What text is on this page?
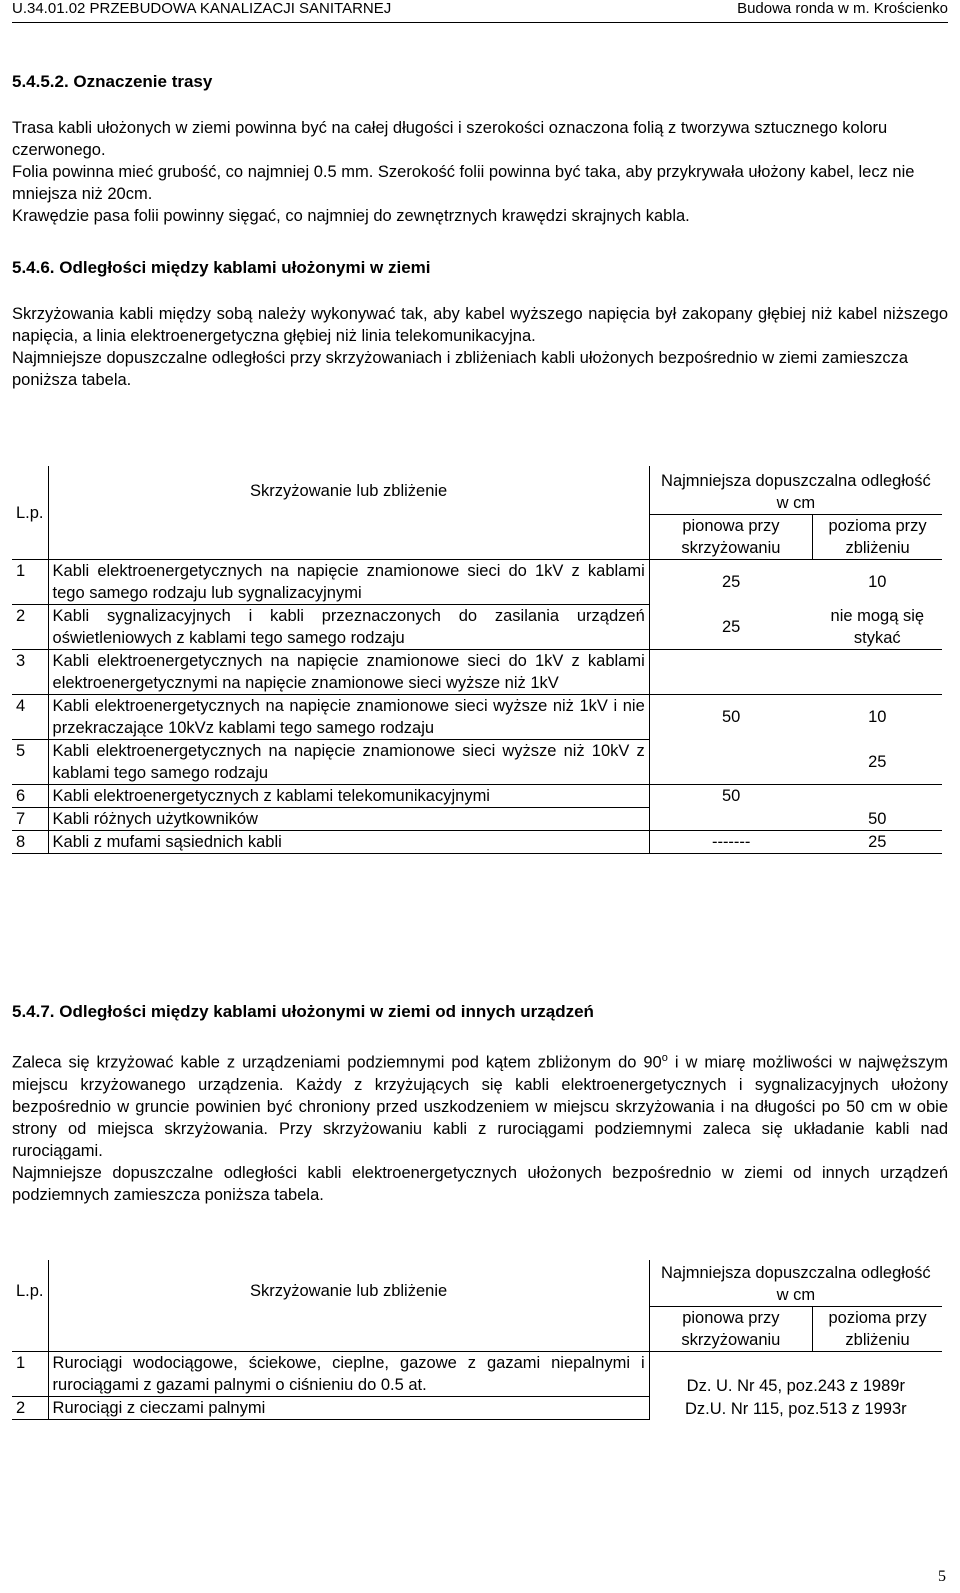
U.34.01.02 PRZEBUDOWA KANALIZACJI SANITARNEJ	Budowa ronda w m. Krościenko
5.4.5.2. Oznaczenie trasy

Trasa kabli ułożonych w ziemi powinna być na całej długości i szerokości oznaczona folią z tworzywa sztucznego koloru czerwonego.

Folia powinna mieć grubość, co najmniej 0.5 mm. Szerokość folii powinna być taka, aby przykrywała ułożony kabel, lecz nie mniejsza niż 20cm.

Krawędzie pasa folii powinny sięgać, co najmniej do zewnętrznych krawędzi skrajnych kabla.

5.4.6. Odległości między kablami ułożonymi w ziemi

Skrzyżowania kabli między sobą należy wykonywać tak, aby kabel wyższego napięcia był zakopany głębiej niż kabel niższego napięcia, a linia elektroenergetyczna głębiej niż linia telekomunikacyjna.

Najmniejsze dopuszczalne odległości przy skrzyżowaniach i zbliżeniach kabli ułożonych bezpośrednio w ziemi zamieszcza poniższa tabela.

L.p.	Skrzyżowanie lub zbliżenie	Najmniejsza dopuszczalna odległość w cm	
		pionowa przy skrzyżowaniu	pozioma przy zbliżeniu
1	Kabli elektroenergetycznych na napięcie znamionowe sieci do 1kV z kablami tego samego rodzaju lub sygnalizacyjnymi	25	10
2	Kabli sygnalizacyjnych i kabli przeznaczonych do zasilania urządzeń oświetleniowych z kablami tego samego rodzaju	25	nie mogą się stykać
3	Kabli elektroenergetycznych na napięcie znamionowe sieci do 1kV z kablami elektroenergetycznymi na napięcie znamionowe sieci wyższe niż 1kV		
4	Kabli elektroenergetycznych na napięcie znamionowe sieci wyższe niż 1kV i nie przekraczające 10kVz kablami tego samego rodzaju	50	10
5	Kabli elektroenergetycznych na napięcie znamionowe sieci wyższe niż 10kV z kablami tego samego rodzaju		25
6	Kabli elektroenergetycznych z kablami telekomunikacyjnymi	50	
7	Kabli różnych użytkowników		50
8	Kabli z mufami sąsiednich kabli	-------	25
5.4.7. Odległości między kablami ułożonymi w ziemi od innych urządzeń

Zaleca się krzyżować kable z urządzeniami podziemnymi pod kątem zbliżonym do 90$^o$ i w miarę możliwości w najwęższym miejscu krzyżowanego urządzenia. Każdy z krzyżujących się kabli elektroenergetycznych i sygnalizacyjnych ułożony bezpośrednio w gruncie powinien być chroniony przed uszkodzeniem w miejscu skrzyżowania i na długości po 50 cm w obie strony od miejsca skrzyżowania. Przy skrzyżowaniu kabli z rurociągami podziemnymi zaleca się układanie kabli nad rurociągami.

Najmniejsze dopuszczalne odległości kabli elektroenergetycznych ułożonych bezpośrednio w ziemi od innych urządzeń podziemnych zamieszcza poniższa tabela.

L.p.	Skrzyżowanie lub zbliżenie	Najmniejsza dopuszczalna odległość w cm	
		pionowa przy skrzyżowaniu	pozioma przy zbliżeniu
1	Rurociągi wodociągowe, ściekowe, cieplne, gazowe z gazami niepalnymi i rurociągami z gazami palnymi o ciśnieniu do 0.5 at.	Dz. U. Nr 45, poz.243 z 1989r	
2	Rurociągi z cieczami palnymi	Dz.U. Nr 115, poz.513 z 1993r	
5
